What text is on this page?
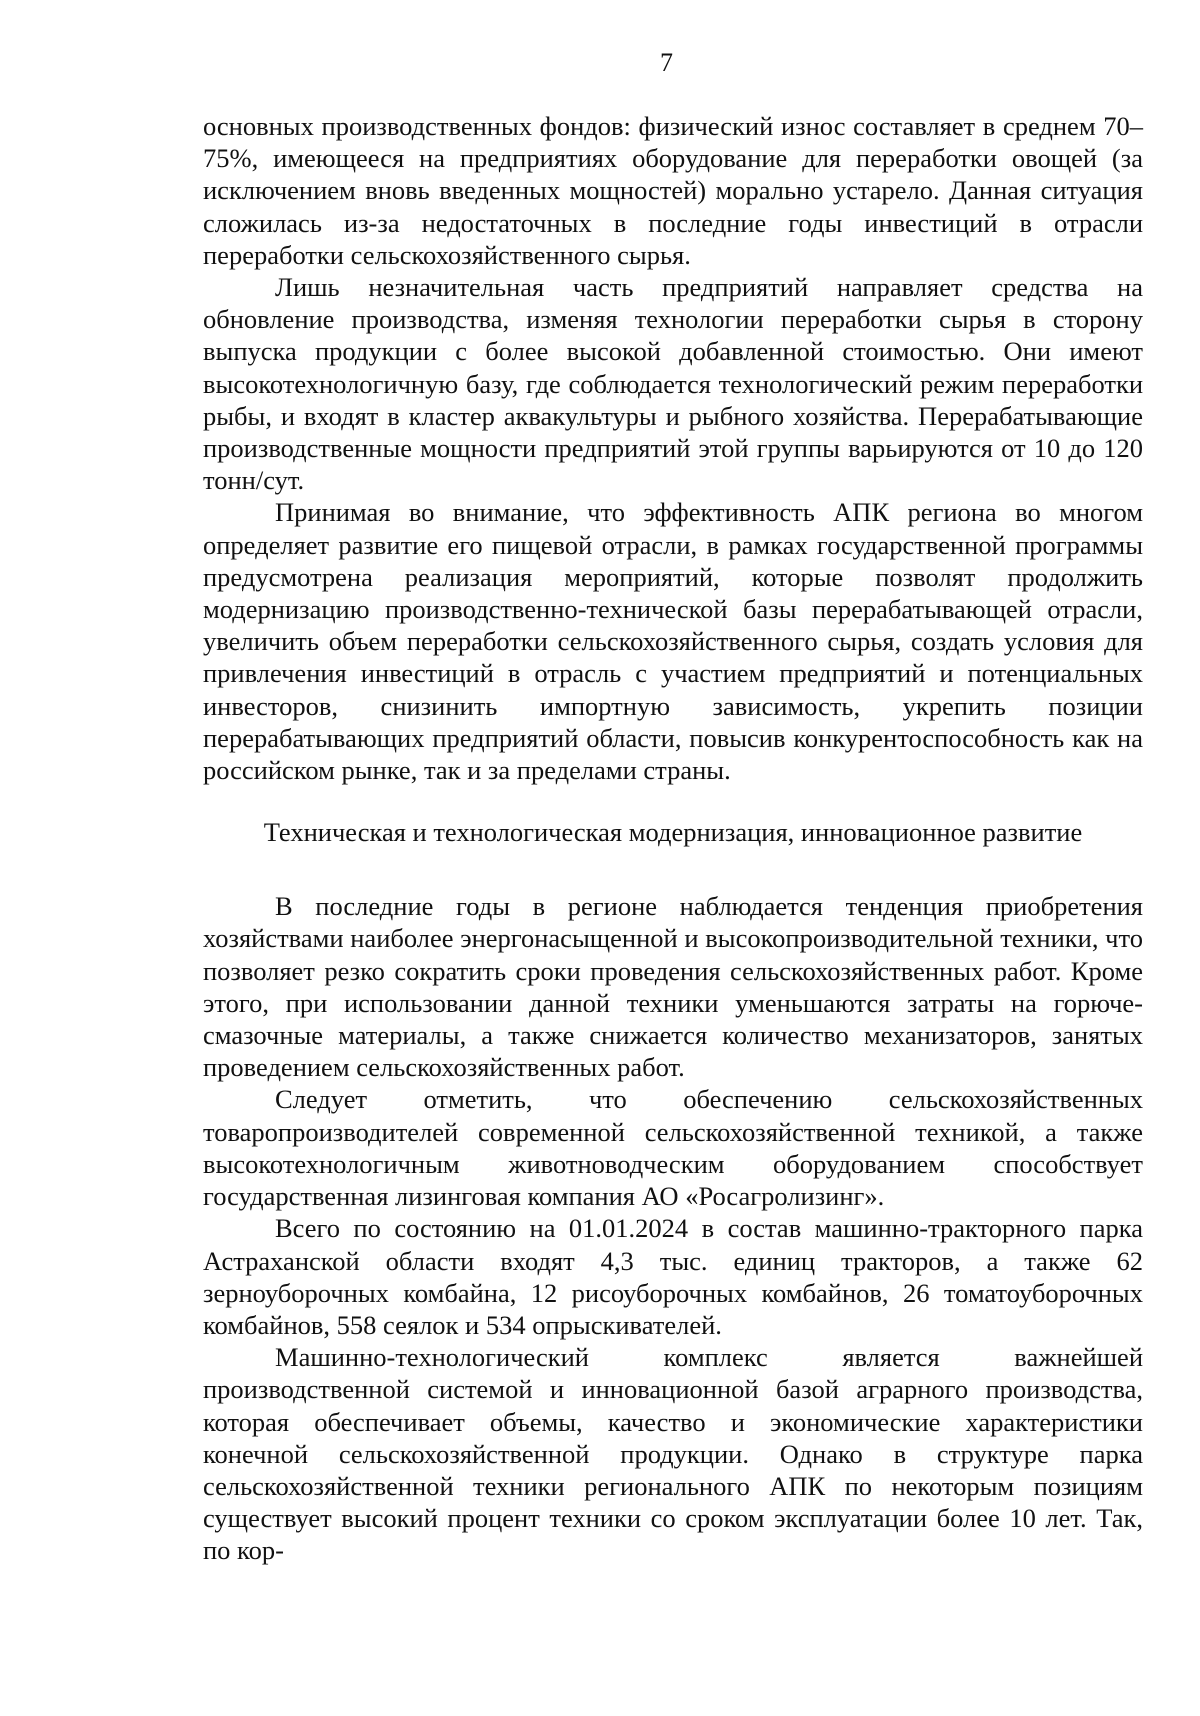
7

основных производственных фондов: физический износ составляет в среднем 70–75%, имеющееся на предприятиях оборудование для переработки овощей (за исключением вновь введенных мощностей) морально устарело. Данная ситуация сложилась из-за недостаточных в последние годы инвестиций в отрасли переработки сельскохозяйственного сырья.

Лишь незначительная часть предприятий направляет средства на обновление производства, изменяя технологии переработки сырья в сторону выпуска продукции с более высокой добавленной стоимостью. Они имеют высокотехнологичную базу, где соблюдается технологический режим переработки рыбы, и входят в кластер аквакультуры и рыбного хозяйства. Перерабатывающие производственные мощности предприятий этой группы варьируются от 10 до 120 тонн/сут.

Принимая во внимание, что эффективность АПК региона во многом определяет развитие его пищевой отрасли, в рамках государственной программы предусмотрена реализация мероприятий, которые позволят продолжить модернизацию производственно-технической базы перерабатывающей отрасли, увеличить объем переработки сельскохозяйственного сырья, создать условия для привлечения инвестиций в отрасль с участием предприятий и потенциальных инвесторов, снизинить импортную зависимость, укрепить позиции перерабатывающих предприятий области, повысив конкурентоспособность как на российском рынке, так и за пределами страны.

Техническая и технологическая модернизация, инновационное развитие

В последние годы в регионе наблюдается тенденция приобретения хозяйствами наиболее энергонасыщенной и высокопроизводительной техники, что позволяет резко сократить сроки проведения сельскохозяйственных работ. Кроме этого, при использовании данной техники уменьшаются затраты на горюче-смазочные материалы, а также снижается количество механизаторов, занятых проведением сельскохозяйственных работ.

Следует отметить, что обеспечению сельскохозяйственных товаропроизводителей современной сельскохозяйственной техникой, а также высокотехнологичным животноводческим оборудованием способствует государственная лизинговая компания АО «Росагролизинг».

Всего по состоянию на 01.01.2024 в состав машинно-тракторного парка Астраханской области входят 4,3 тыс. единиц тракторов, а также 62 зерноуборочных комбайна, 12 рисоуборочных комбайнов, 26 томатоуборочных комбайнов, 558 сеялок и 534 опрыскивателей.

Машинно-технологический комплекс является важнейшей производственной системой и инновационной базой аграрного производства, которая обеспечивает объемы, качество и экономические характеристики конечной сельскохозяйственной продукции. Однако в структуре парка сельскохозяйственной техники регионального АПК по некоторым позициям существует высокий процент техники со сроком эксплуатации более 10 лет. Так, по кор-
